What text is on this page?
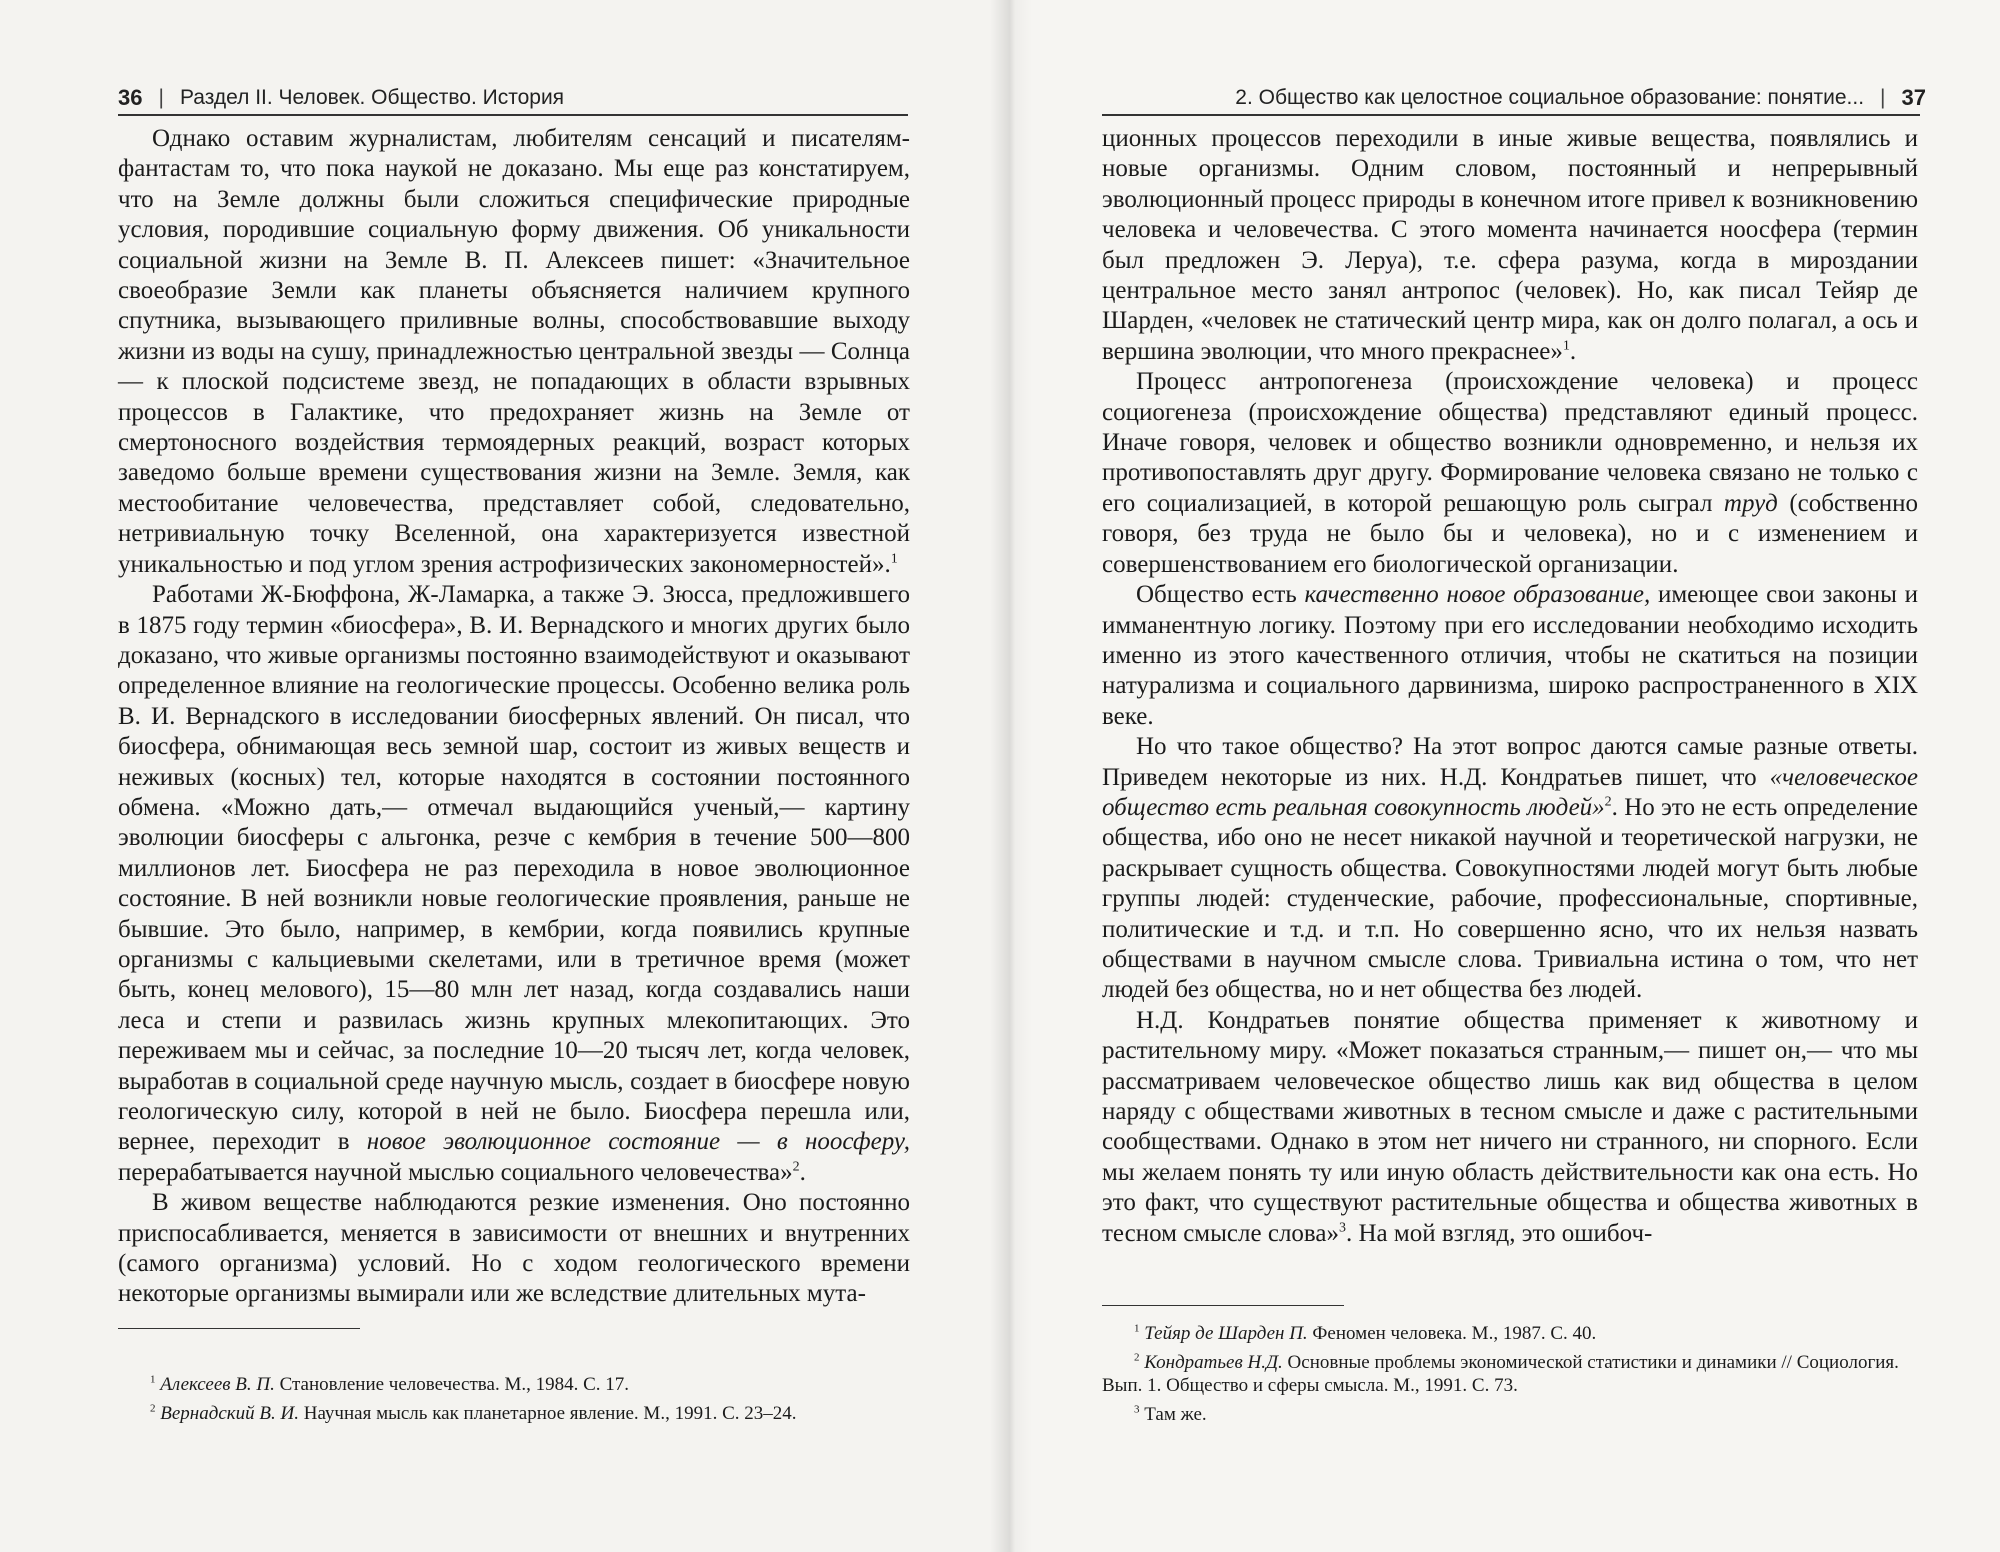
36 | Раздел II. Человек. Общество. История

Однако оставим журналистам, любителям сенсаций и писателям-фантастам то, что пока наукой не доказано. Мы еще раз констатируем, что на Земле должны были сложиться специфические природные условия, породившие социальную форму движения. Об уникальности социальной жизни на Земле В. П. Алексеев пишет: «Значительное своеобразие Земли как планеты объясняется наличием крупного спутника, вызывающего приливные волны, способствовавшие выходу жизни из воды на сушу, принадлежностью центральной звезды — Солнца — к плоской подсистеме звезд, не попадающих в области взрывных процессов в Галактике, что предохраняет жизнь на Земле от смертоносного воздействия термоядерных реакций, возраст которых заведомо больше времени существования жизни на Земле. Земля, как местообитание человечества, представляет собой, следовательно, нетривиальную точку Вселенной, она характеризуется известной уникальностью и под углом зрения астрофизических закономерностей».$^1$

Работами Ж-Бюффона, Ж-Ламарка, а также Э. Зюсса, предложившего в 1875 году термин «биосфера», В. И. Вернадского и многих других было доказано, что живые организмы постоянно взаимодействуют и оказывают определенное влияние на геологические процессы. Особенно велика роль В. И. Вернадского в исследовании биосферных явлений. Он писал, что биосфера, обнимающая весь земной шар, состоит из живых веществ и неживых (косных) тел, которые находятся в состоянии постоянного обмена. «Можно дать,— отмечал выдающийся ученый,— картину эволюции биосферы с альгонка, резче с кембрия в течение 500—800 миллионов лет. Биосфера не раз переходила в новое эволюционное состояние. В ней возникли новые геологические проявления, раньше не бывшие. Это было, например, в кембрии, когда появились крупные организмы с кальциевыми скелетами, или в третичное время (может быть, конец мелового), 15—80 млн лет назад, когда создавались наши леса и степи и развилась жизнь крупных млекопитающих. Это переживаем мы и сейчас, за последние 10—20 тысяч лет, когда человек, выработав в социальной среде научную мысль, создает в биосфере новую геологическую силу, которой в ней не было. Биосфера перешла или, вернее, переходит в новое эволюционное состояние — в ноосферу, перерабатывается научной мыслью социального человечества»$^2$.

В живом веществе наблюдаются резкие изменения. Оно постоянно приспосабливается, меняется в зависимости от внешних и внутренних (самого организма) условий. Но с ходом геологического времени некоторые организмы вымирали или же вследствие длительных мута-

$^1$ Алексеев В. П. Становление человечества. М., 1984. С. 17.

$^2$ Вернадский В. И. Научная мысль как планетарное явление. М., 1991. С. 23–24.

2. Общество как целостное социальное образование: понятие... | 37

ционных процессов переходили в иные живые вещества, появлялись и новые организмы. Одним словом, постоянный и непрерывный эволюционный процесс природы в конечном итоге привел к возникновению человека и человечества. С этого момента начинается ноосфера (термин был предложен Э. Леруа), т.е. сфера разума, когда в мироздании центральное место занял антропос (человек). Но, как писал Тейяр де Шарден, «человек не статический центр мира, как он долго полагал, а ось и вершина эволюции, что много прекраснее»$^1$.

Процесс антропогенеза (происхождение человека) и процесс социогенеза (происхождение общества) представляют единый процесс. Иначе говоря, человек и общество возникли одновременно, и нельзя их противопоставлять друг другу. Формирование человека связано не только с его социализацией, в которой решающую роль сыграл труд (собственно говоря, без труда не было бы и человека), но и с изменением и совершенствованием его биологической организации.

Общество есть качественно новое образование, имеющее свои законы и имманентную логику. Поэтому при его исследовании необходимо исходить именно из этого качественного отличия, чтобы не скатиться на позиции натурализма и социального дарвинизма, широко распространенного в XIX веке.

Но что такое общество? На этот вопрос даются самые разные ответы. Приведем некоторые из них. Н.Д. Кондратьев пишет, что «человеческое общество есть реальная совокупность людей»$^2$. Но это не есть определение общества, ибо оно не несет никакой научной и теоретической нагрузки, не раскрывает сущность общества. Совокупностями людей могут быть любые группы людей: студенческие, рабочие, профессиональные, спортивные, политические и т.д. и т.п. Но совершенно ясно, что их нельзя назвать обществами в научном смысле слова. Тривиальна истина о том, что нет людей без общества, но и нет общества без людей.

Н.Д. Кондратьев понятие общества применяет к животному и растительному миру. «Может показаться странным,— пишет он,— что мы рассматриваем человеческое общество лишь как вид общества в целом наряду с обществами животных в тесном смысле и даже с растительными сообществами. Однако в этом нет ничего ни странного, ни спорного. Если мы желаем понять ту или иную область действительности как она есть. Но это факт, что существуют растительные общества и общества животных в тесном смысле слова»$^3$. На мой взгляд, это ошибоч-

$^1$ Тейяр де Шарден П. Феномен человека. М., 1987. С. 40.

$^2$ Кондратьев Н.Д. Основные проблемы экономической статистики и динамики // Социология. Вып. 1. Общество и сферы смысла. М., 1991. С. 73.

$^3$ Там же.
